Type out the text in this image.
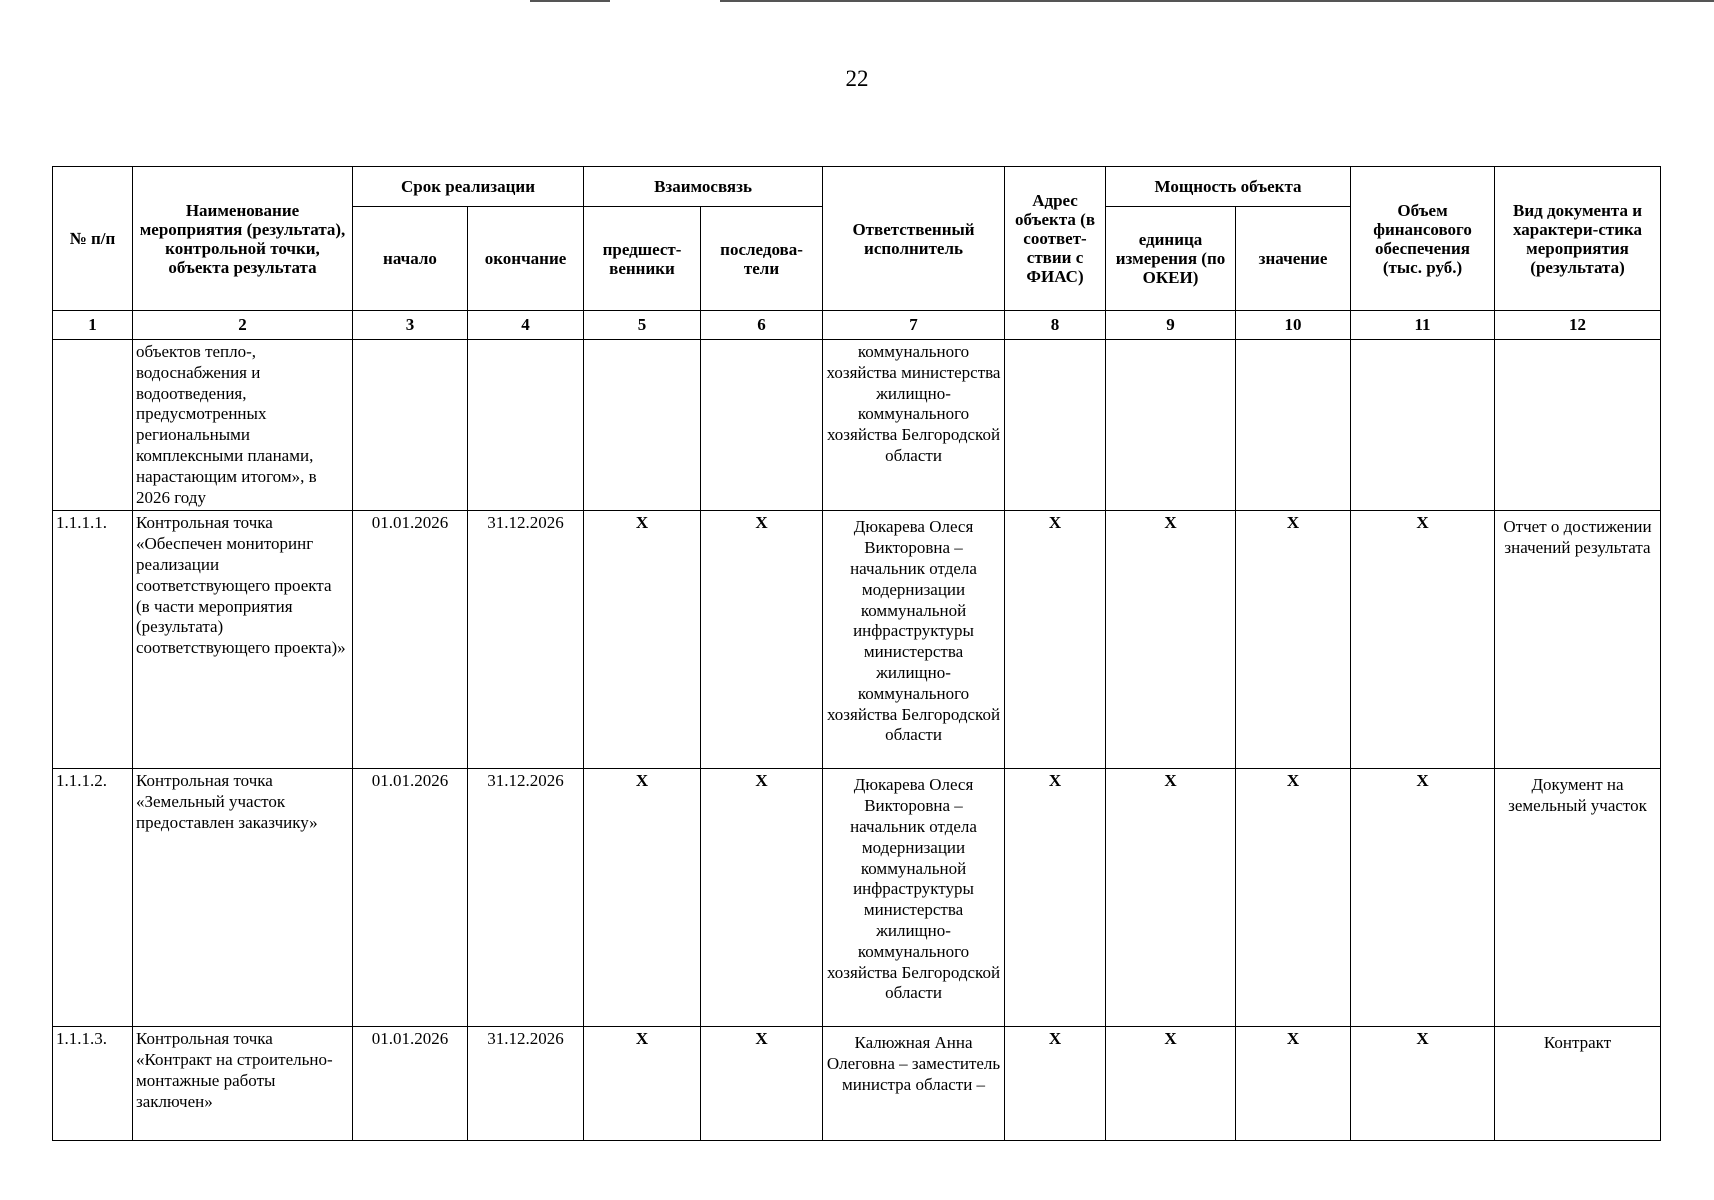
22
№ п/п	Наименование мероприятия (результата), контрольной точки, объекта результата	Срок реализации		Взаимосвязь		Ответственный исполнитель	Адрес объекта (в соответ-ствии с ФИАС)	Мощность объекта		Объем финансового обеспечения (тыс. руб.)	Вид документа и характери-стика мероприятия (результата)
		начало	окончание	предшест-венники	последова-тели			единица измерения (по ОКЕИ)	значение		
1	2	3	4	5	6	7	8	9	10	11	12
	объектов тепло-, водоснабжения и водоотведения, предусмотренных региональными комплексными планами, нарастающим итогом», в 2026 году					коммунального хозяйства министерства жилищно-коммунального хозяйства Белгородской области					
1.1.1.1.	Контрольная точка «Обеспечен мониторинг реализации соответствующего проекта (в части мероприятия (результата) соответствующего проекта)»	01.01.2026	31.12.2026	X	X	Дюкарева Олеся Викторовна – начальник отдела модернизации коммунальной инфраструктуры министерства жилищно-коммунального хозяйства Белгородской области	X	X	X	X	Отчет о достижении значений результата
1.1.1.2.	Контрольная точка «Земельный участок предоставлен заказчику»	01.01.2026	31.12.2026	X	X	Дюкарева Олеся Викторовна – начальник отдела модернизации коммунальной инфраструктуры министерства жилищно-коммунального хозяйства Белгородской области	X	X	X	X	Документ на земельный участок
1.1.1.3.	Контрольная точка «Контракт на строительно-монтажные работы заключен»	01.01.2026	31.12.2026	X	X	Калюжная Анна Олеговна – заместитель министра области –	X	X	X	X	Контракт
